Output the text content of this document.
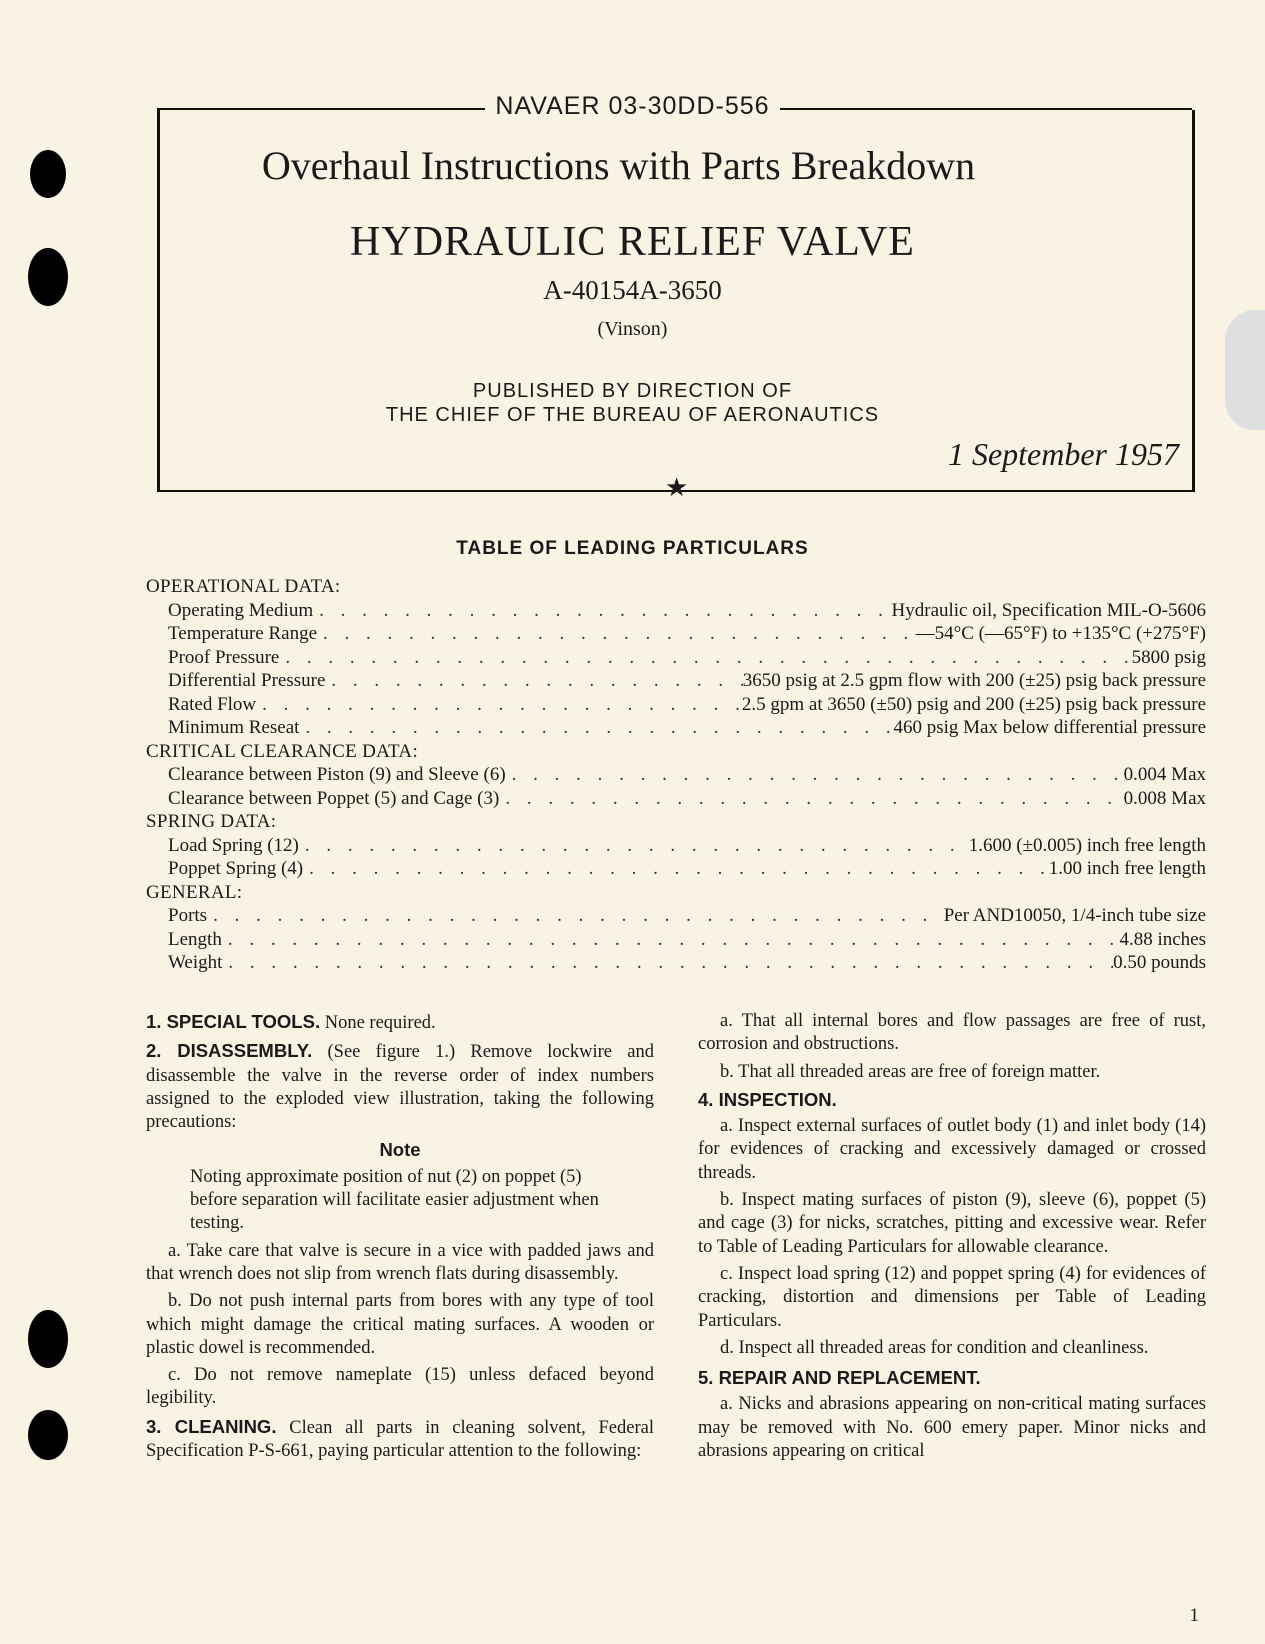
NAVAER 03-30DD-556
Overhaul Instructions with Parts Breakdown
HYDRAULIC RELIEF VALVE
A-40154A-3650
(Vinson)
PUBLISHED BY DIRECTION OF
THE CHIEF OF THE BUREAU OF AERONAUTICS
1 September 1957
★
TABLE OF LEADING PARTICULARS
OPERATIONAL DATA:
Operating Medium . . .	Hydraulic oil, Specification MIL-O-5606
Temperature Range . . .	—54°C (—65°F) to +135°C (+275°F)
Proof Pressure . . .	5800 psig
Differential Pressure . . .	3650 psig at 2.5 gpm flow with 200 (±25) psig back pressure
Rated Flow . . .	2.5 gpm at 3650 (±50) psig and 200 (±25) psig back pressure
Minimum Reseat . . .	460 psig Max below differential pressure
CRITICAL CLEARANCE DATA:
Clearance between Piston (9) and Sleeve (6) . . .	0.004 Max
Clearance between Poppet (5) and Cage (3) . . .	0.008 Max
SPRING DATA:
Load Spring (12) . . .	1.600 (±0.005) inch free length
Poppet Spring (4) . . .	1.00 inch free length
GENERAL:
Ports . . .	Per AND10050, 1/4-inch tube size
Length . . .	4.88 inches
Weight . . .	0.50 pounds

1. SPECIAL TOOLS. None required.

2. DISASSEMBLY. (See figure 1.) Remove lockwire and disassemble the valve in the reverse order of index numbers assigned to the exploded view illustration, taking the following precautions:

Note

Noting approximate position of nut (2) on poppet (5) before separation will facilitate easier adjustment when testing.

a. Take care that valve is secure in a vice with padded jaws and that wrench does not slip from wrench flats during disassembly.

b. Do not push internal parts from bores with any type of tool which might damage the critical mating surfaces. A wooden or plastic dowel is recommended.

c. Do not remove nameplate (15) unless defaced beyond legibility.

3. CLEANING. Clean all parts in cleaning solvent, Federal Specification P-S-661, paying particular attention to the following:

a. That all internal bores and flow passages are free of rust, corrosion and obstructions.

b. That all threaded areas are free of foreign matter.

4. INSPECTION.

a. Inspect external surfaces of outlet body (1) and inlet body (14) for evidences of cracking and excessively damaged or crossed threads.

b. Inspect mating surfaces of piston (9), sleeve (6), poppet (5) and cage (3) for nicks, scratches, pitting and excessive wear. Refer to Table of Leading Particulars for allowable clearance.

c. Inspect load spring (12) and poppet spring (4) for evidences of cracking, distortion and dimensions per Table of Leading Particulars.

d. Inspect all threaded areas for condition and cleanliness.

5. REPAIR AND REPLACEMENT.

a. Nicks and abrasions appearing on non-critical mating surfaces may be removed with No. 600 emery paper. Minor nicks and abrasions appearing on critical

1
